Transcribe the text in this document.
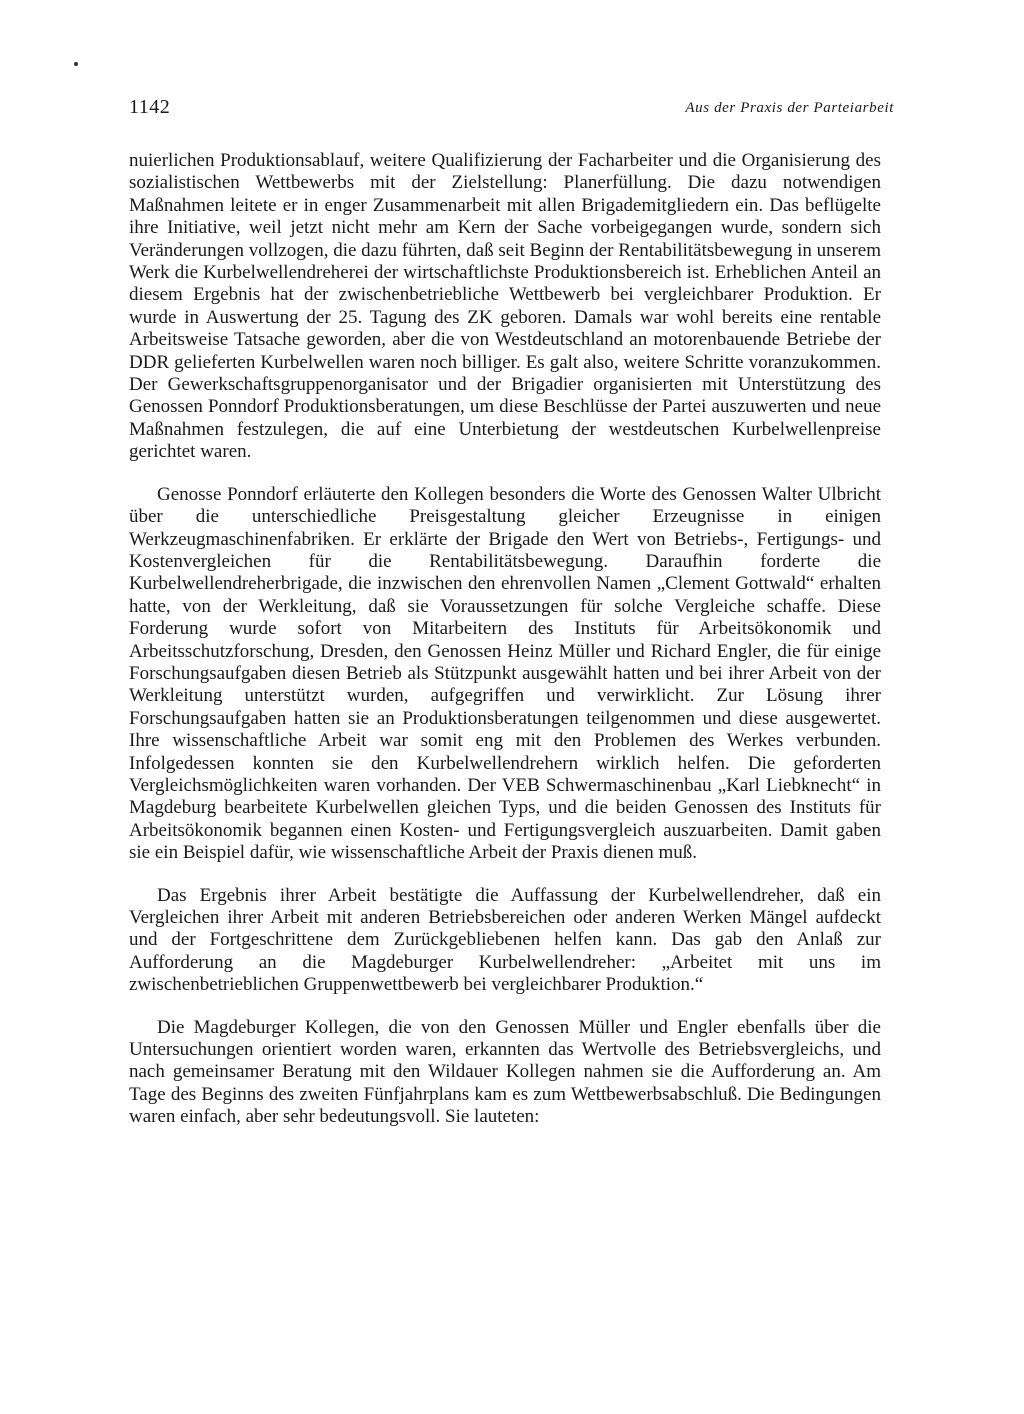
1142	Aus der Praxis der Parteiarbeit

nuierlichen Produktionsablauf, weitere Qualifizierung der Facharbeiter und die Organisierung des sozialistischen Wettbewerbs mit der Zielstellung: Planerfüllung. Die dazu notwendigen Maßnahmen leitete er in enger Zusammenarbeit mit allen Brigademitgliedern ein. Das beflügelte ihre Initiative, weil jetzt nicht mehr am Kern der Sache vorbeigegangen wurde, sondern sich Veränderungen vollzogen, die dazu führten, daß seit Beginn der Rentabilitätsbewegung in unserem Werk die Kurbelwellendreherei der wirtschaftlichste Produktionsbereich ist. Erheblichen Anteil an diesem Ergebnis hat der zwischenbetriebliche Wettbewerb bei vergleichbarer Produktion. Er wurde in Auswertung der 25. Tagung des ZK geboren. Damals war wohl bereits eine rentable Arbeitsweise Tatsache geworden, aber die von Westdeutschland an motorenbauende Betriebe der DDR gelieferten Kurbelwellen waren noch billiger. Es galt also, weitere Schritte voranzukommen. Der Gewerkschaftsgruppenorganisator und der Brigadier organisierten mit Unterstützung des Genossen Ponndorf Produktionsberatungen, um diese Beschlüsse der Partei auszuwerten und neue Maßnahmen festzulegen, die auf eine Unterbietung der westdeutschen Kurbelwellenpreise gerichtet waren.

Genosse Ponndorf erläuterte den Kollegen besonders die Worte des Genossen Walter Ulbricht über die unterschiedliche Preisgestaltung gleicher Erzeugnisse in einigen Werkzeugmaschinenfabriken. Er erklärte der Brigade den Wert von Betriebs-, Fertigungs- und Kostenvergleichen für die Rentabilitätsbewegung. Daraufhin forderte die Kurbelwellendreherbrigade, die inzwischen den ehrenvollen Namen „Clement Gottwald“ erhalten hatte, von der Werkleitung, daß sie Voraussetzungen für solche Vergleiche schaffe. Diese Forderung wurde sofort von Mitarbeitern des Instituts für Arbeitsökonomik und Arbeitsschutzforschung, Dresden, den Genossen Heinz Müller und Richard Engler, die für einige Forschungsaufgaben diesen Betrieb als Stützpunkt ausgewählt hatten und bei ihrer Arbeit von der Werkleitung unterstützt wurden, aufgegriffen und verwirklicht. Zur Lösung ihrer Forschungsaufgaben hatten sie an Produktionsberatungen teilgenommen und diese ausgewertet. Ihre wissenschaftliche Arbeit war somit eng mit den Problemen des Werkes verbunden. Infolgedessen konnten sie den Kurbelwellendrehern wirklich helfen. Die geforderten Vergleichsmöglichkeiten waren vorhanden. Der VEB Schwermaschinenbau „Karl Liebknecht“ in Magdeburg bearbeitete Kurbelwellen gleichen Typs, und die beiden Genossen des Instituts für Arbeitsökonomik begannen einen Kosten- und Fertigungsvergleich auszuarbeiten. Damit gaben sie ein Beispiel dafür, wie wissenschaftliche Arbeit der Praxis dienen muß.

Das Ergebnis ihrer Arbeit bestätigte die Auffassung der Kurbelwellendreher, daß ein Vergleichen ihrer Arbeit mit anderen Betriebsbereichen oder anderen Werken Mängel aufdeckt und der Fortgeschrittene dem Zurückgebliebenen helfen kann. Das gab den Anlaß zur Aufforderung an die Magdeburger Kurbelwellendreher: „Arbeitet mit uns im zwischenbetrieblichen Gruppenwettbewerb bei vergleichbarer Produktion.“

Die Magdeburger Kollegen, die von den Genossen Müller und Engler ebenfalls über die Untersuchungen orientiert worden waren, erkannten das Wertvolle des Betriebsvergleichs, und nach gemeinsamer Beratung mit den Wildauer Kollegen nahmen sie die Aufforderung an. Am Tage des Beginns des zweiten Fünfjahrplans kam es zum Wettbewerbsabschluß. Die Bedingungen waren einfach, aber sehr bedeutungsvoll. Sie lauteten:
